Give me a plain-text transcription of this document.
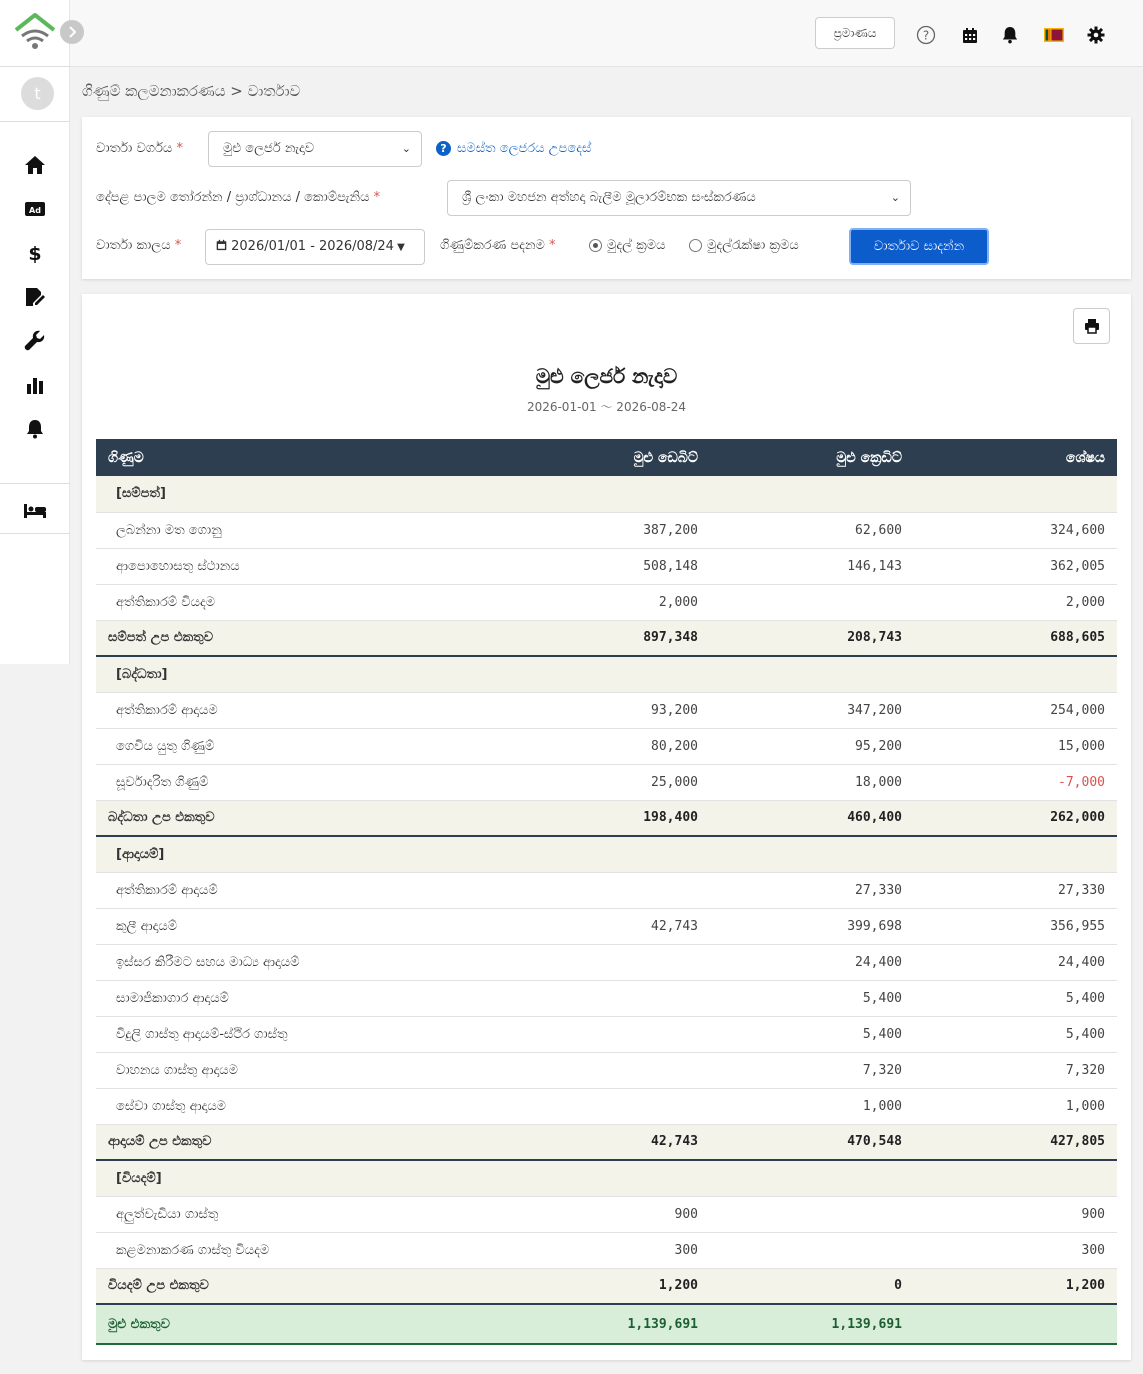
t
Ad
$
ප්‍රමාණය	?
ගිණුම් කලමනාකරණය > වාර්තාව
වාර්තා වර්ගය *	මුළු ලෙජර් නැදාව	⌄	? සමස්ත ලෙජරය උපදෙස්
දේපළ පාලම තෝරන්න / ප්‍රාග්ධානය / කොම්පැනිය *	ශ්‍රී ලංකා මහජන අත්හදා බැලීම මූලාරම්භක සංස්කරණය	⌄
වාර්තා කාලය *	2026/01/01 - 2026/08/24 ▼	ගිණුම්කරණ පදනම *	මුදල් ක්‍රමය	මුදල්රැක්ෂා ක්‍රමය	වාර්තාව සාදන්න
මුළු ලෙජර් නැදාව
2026-01-01 〜 2026-08-24
ගිණුම	මුළු ඩෙබිට්	මුළු ක්‍රෙඩිට්	ශේෂය
[සම්පත්]			
ලබන්නා මත ගොනු	387,200	62,600	324,600
ආපොහොසතු ස්ථානය	508,148	146,143	362,005
අත්තිකාරම් වියදම	2,000		2,000
සම්පත් උප එකතුව	897,348	208,743	688,605
[බද්ධතා]			
අත්තිකාරම් ආදායම	93,200	347,200	254,000
ගෙවිය යුතු ගිණුම්	80,200	95,200	15,000
සූර්වාදරිත ගිණුම්	25,000	18,000	-7,000
බද්ධතා උප එකතුව	198,400	460,400	262,000
[ආදායම්]			
අත්තිකාරම් ආදායම්		27,330	27,330
කුලී ආදායම්	42,743	399,698	356,955
ඉස්සර කිරීමට සහය මාධ්‍ය ආදායම්		24,400	24,400
සාමාජිකාගාර ආදායම්		5,400	5,400
විදුලි ගාස්තු ආදායම්-ස්ථිර ගාස්තු		5,400	5,400
වාහනය ගාස්තු ආදායම		7,320	7,320
සේවා ගාස්තු ආදායම		1,000	1,000
ආදායම් උප එකතුව	42,743	470,548	427,805
[වියදම්]			
අලුත්වැඩියා ගාස්තු	900		900
කළමනාකරණ ගාස්තු වියදම	300		300
වියදම් උප එකතුව	1,200	0	1,200
මුළු එකතුව	1,139,691	1,139,691	
